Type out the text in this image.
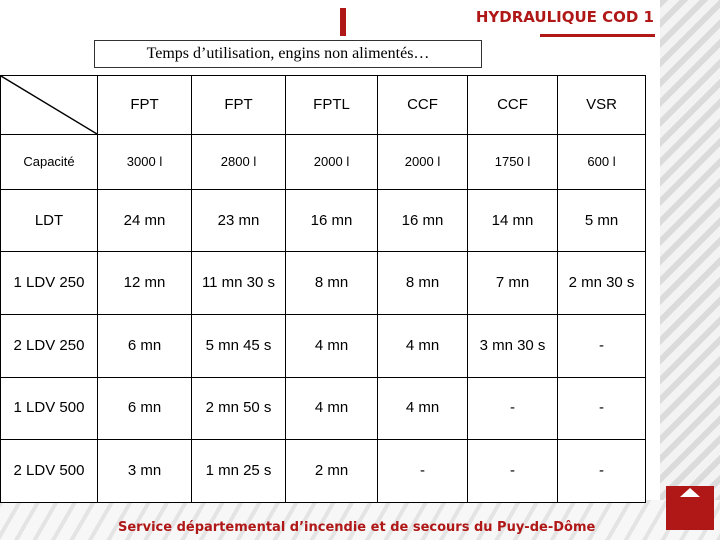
HYDRAULIQUE COD 1
Temps d’utilisation, engins non alimentés…
	FPT	FPT	FPTL	CCF	CCF	VSR
Capacité	3000 l	2800 l	2000 l	2000 l	1750 l	600 l
LDT	24 mn	23 mn	16 mn	16 mn	14 mn	5 mn
1 LDV 250	12 mn	11 mn 30 s	8 mn	8 mn	7 mn	2 mn 30 s
2 LDV 250	6 mn	5 mn 45 s	4 mn	4 mn	3 mn 30 s	-
1 LDV 500	6 mn	2 mn 50 s	4 mn	4 mn	-	-
2 LDV 500	3 mn	1 mn 25 s	2 mn	-	-	-
Service départemental d’incendie et de secours du Puy-de-Dôme
